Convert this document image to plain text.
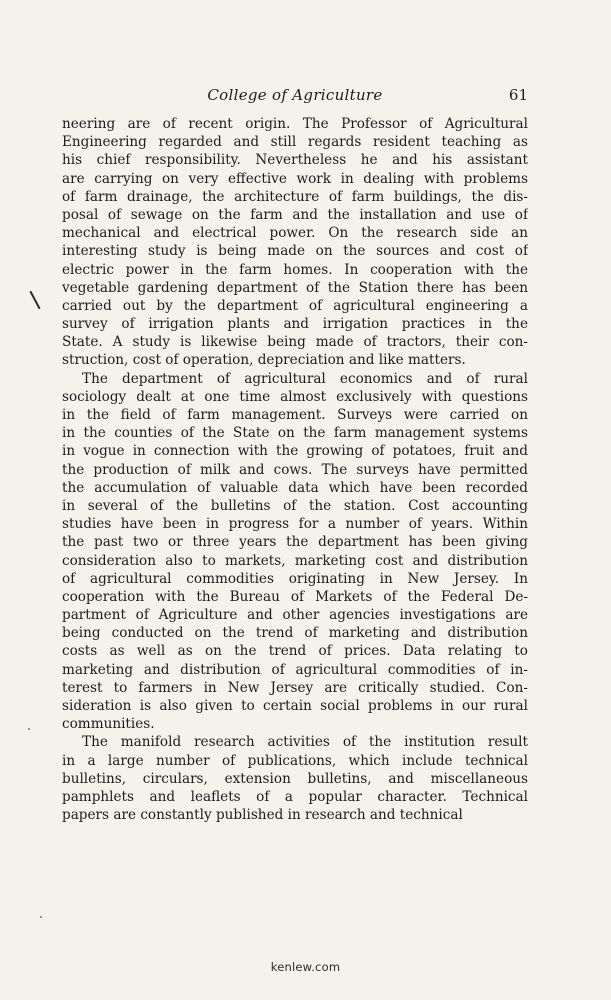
College of Agriculture	61

neering are of recent origin. The Professor of Agricultural
Engineering regarded and still regards resident teaching as
his chief responsibility. Nevertheless he and his assistant
are carrying on very effective work in dealing with problems
of farm drainage, the architecture of farm buildings, the dis-
posal of sewage on the farm and the installation and use of
mechanical and electrical power. On the research side an
interesting study is being made on the sources and cost of
electric power in the farm homes. In cooperation with the
vegetable gardening department of the Station there has been
carried out by the department of agricultural engineering a
survey of irrigation plants and irrigation practices in the
State. A study is likewise being made of tractors, their con-
struction, cost of operation, depreciation and like matters.

The department of agricultural economics and of rural
sociology dealt at one time almost exclusively with questions
in the field of farm management. Surveys were carried on
in the counties of the State on the farm management systems
in vogue in connection with the growing of potatoes, fruit and
the production of milk and cows. The surveys have permitted
the accumulation of valuable data which have been recorded
in several of the bulletins of the station. Cost accounting
studies have been in progress for a number of years. Within
the past two or three years the department has been giving
consideration also to markets, marketing cost and distribution
of agricultural commodities originating in New Jersey. In
cooperation with the Bureau of Markets of the Federal De-
partment of Agriculture and other agencies investigations are
being conducted on the trend of marketing and distribution
costs as well as on the trend of prices. Data relating to
marketing and distribution of agricultural commodities of in-
terest to farmers in New Jersey are critically studied. Con-
sideration is also given to certain social problems in our rural
communities.

The manifold research activities of the institution result
in a large number of publications, which include technical
bulletins, circulars, extension bulletins, and miscellaneous
pamphlets and leaflets of a popular character. Technical
papers are constantly published in research and technical

kenlew.com
